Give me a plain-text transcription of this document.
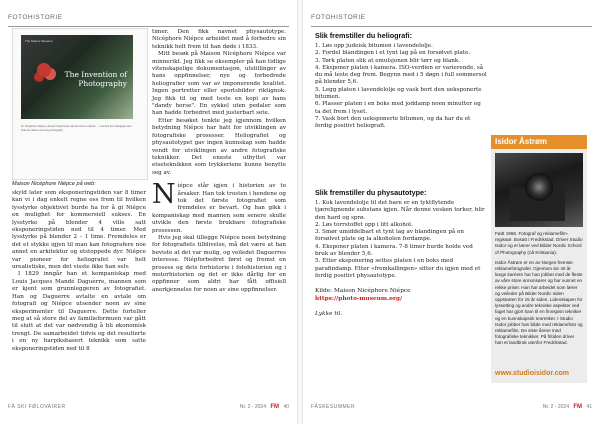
FOTOHISTORIE
The Niépce Museum
The Invention of
Photography
Dr. Nicéphore Niépce (Joseph Nicéphore) was the first to capture ... invented the heliograph and took the oldest surviving photograph.
Maison Nicéphore Niépce på web:

skyld later som eksponeringstiden var 8 timer kan vi i dag enkelt regne oss frem til hvilken lysstyrke objektivet burde ha for å gi Niépce en mulighet for kommersiell sukses. En lysstyrke på blender 4 ville satt eksponeringstiden ned til 4 timer. Med lysstyrke på blender 2 – 1 time. Fremdeles er det et stykke igjen til man kan fotografere noe annet en arkitektur og utstoppede dyr. Niépce var pioneer for heliografet var helt urealistiske, men det visste ikke han selv.

I 1829 inngår han et kompaniskap med Louis Jacques Mandé Daguerre, mannen som er kjent som grunnleggeren av fotografiet. Han og Daguerre avtalte en avtale om fotografi og Niépce utsender noen av sine eksperimenter til Daguerre. Dette forteller meg at så store del av familieformuen var gått til slutt at det var nødvendig å bli økonomisk trengt. De samarbeidet tidvis og det resulterte i en ny harpiksbasert teknikk som satte eksponeringstiden ned til 8

timer. Den fikk navnet physautotype. Nicéphore Niépce arbeidet med å forbedre sin teknikk helt frem til han døde i 1833.

Mitt besøk på Maison Nicéphore Niépce var minnerikt. Jeg fikk se eksempler på han tidlige vitenskapelige dokumentasjon, utstillinger av hans oppfinnelser, nye og forbedrede heliografier som var av imponerende kvalitet. Ingen portretter eller sportsbilder riktignok. Jeg fikk til og med teste en kopi av hans "dandy horse". En sykkel uten pedaler som han hadde forbedret med justerbart sete.

Etter besøket tenkte jeg igjennom hvilken betydning Niépce har hatt for utviklingen av fotografiske prosesser. Heliografiet og physautotypet gav ingen kunnskap som hadde vendt for utviklingen av andre fotografiske teknikker. Det eneste utbyttet var etseteknikken som trykkeriene kunne benytte seg av.

Niépce står igjen i historien av to årsaker. Han tok trosten i hendene og tok det første fotografiet som fremdeles er bevart. Og han gikk i kompaniskap med mannen som senere skulle utvikle den første brukbare fotografiske prosessen.

Hvis jeg skal tillegge Niépce noen betydning for fotografiets tilblivelse, må det være at han beviste at det var mulig, og veiledet Daguerres interesse. Niépforbedret først og fremst en prosess og dets forhistorie i fotohistorien og i motorhistorien og det er ikke dårlig for en oppfinner som aldri har fått offisiell anerkjennelse for noen av sine oppfinnelser.

FÅ SKI FØLOVAIRER	Nr. 2 - 2024 FM 40
FOTOHISTORIE
Slik fremstiller du heliografi:
1. Løs opp judeisk bitumen i lavendelolje.
2. Fordel blandingen i et tynt lag på en forsølvet plate.
3. Tørk platen slik at emulsjonen blir tørr og blank.
4. Eksponer platen i kamera. ISO-verdien er varierende, så du må teste deg frem. Begynn med i 5 døgn i full sommersol på blender 5,6.
5. Legg platen i lavendelolje og vask bort den ueksponerte bitumen.
6. Plasser platen i en boks med joddamp noen minutter og ta det frem i lyset.
7. Vask bort den ueksponerte bitumen, og da har du et ferdig positivt heliografi.
Slik fremstiller du physautotype:
1. Kok lavendelolje til det bare er en tyktflytende tjærelignende substans igjen. Når denne vesken torker, blir den hard og sprø.
2. Løs torrstoffet opp i litt alkohol.
3. Smør umiddelbart et tynt lag av blandingen på en forsølvet plate og la alkoholen fordampe.
4. Eksponer platen i kamera. 7-8 timer burde holde ved bruk av blender 5,6.
5. Etter eksponering settes platen i en boks med parafindamp. Etter «fremkallingen» sitter du igjen med et ferdig positivt physautotype.
Kilde: Maison Nicéphore Niépce
https://photo-museum.org/
Lykke til.
Isidor Åstrøm

Født 1966. Fotograf og reklamefilm-regissør. Bosatt i Fredrikstad. Driver Studio Isidor og er lærer ved Bilder Nordic School of Photography (nå Kristiania).

Isidor Åstrøm er en av Norges fremste reklamefotografer. Gjennom sin 40 år lange karriere har han jobbet med de fleste av våre store annonsører og har vunnet en rekke priser. Han har arbeidet som lærer og veileder på Bilder Nordic siden oppstarten for 15 år siden. Lidenskapen for lyssetting og andre tekniske aspekter ved faget har gjort ham til en finnspisn tekniker og en kunnskapsrik teoretiker. I Studio Isidor jobber han både med reklamefoto og reklamefilm. De siste årene med fotografiske teknikker. På fritiden driver han et landbruk utenfor Fredrikstad.

www.studioisidor.com
FÅSKESUMMER	Nr. 2 - 2024 FM 41
